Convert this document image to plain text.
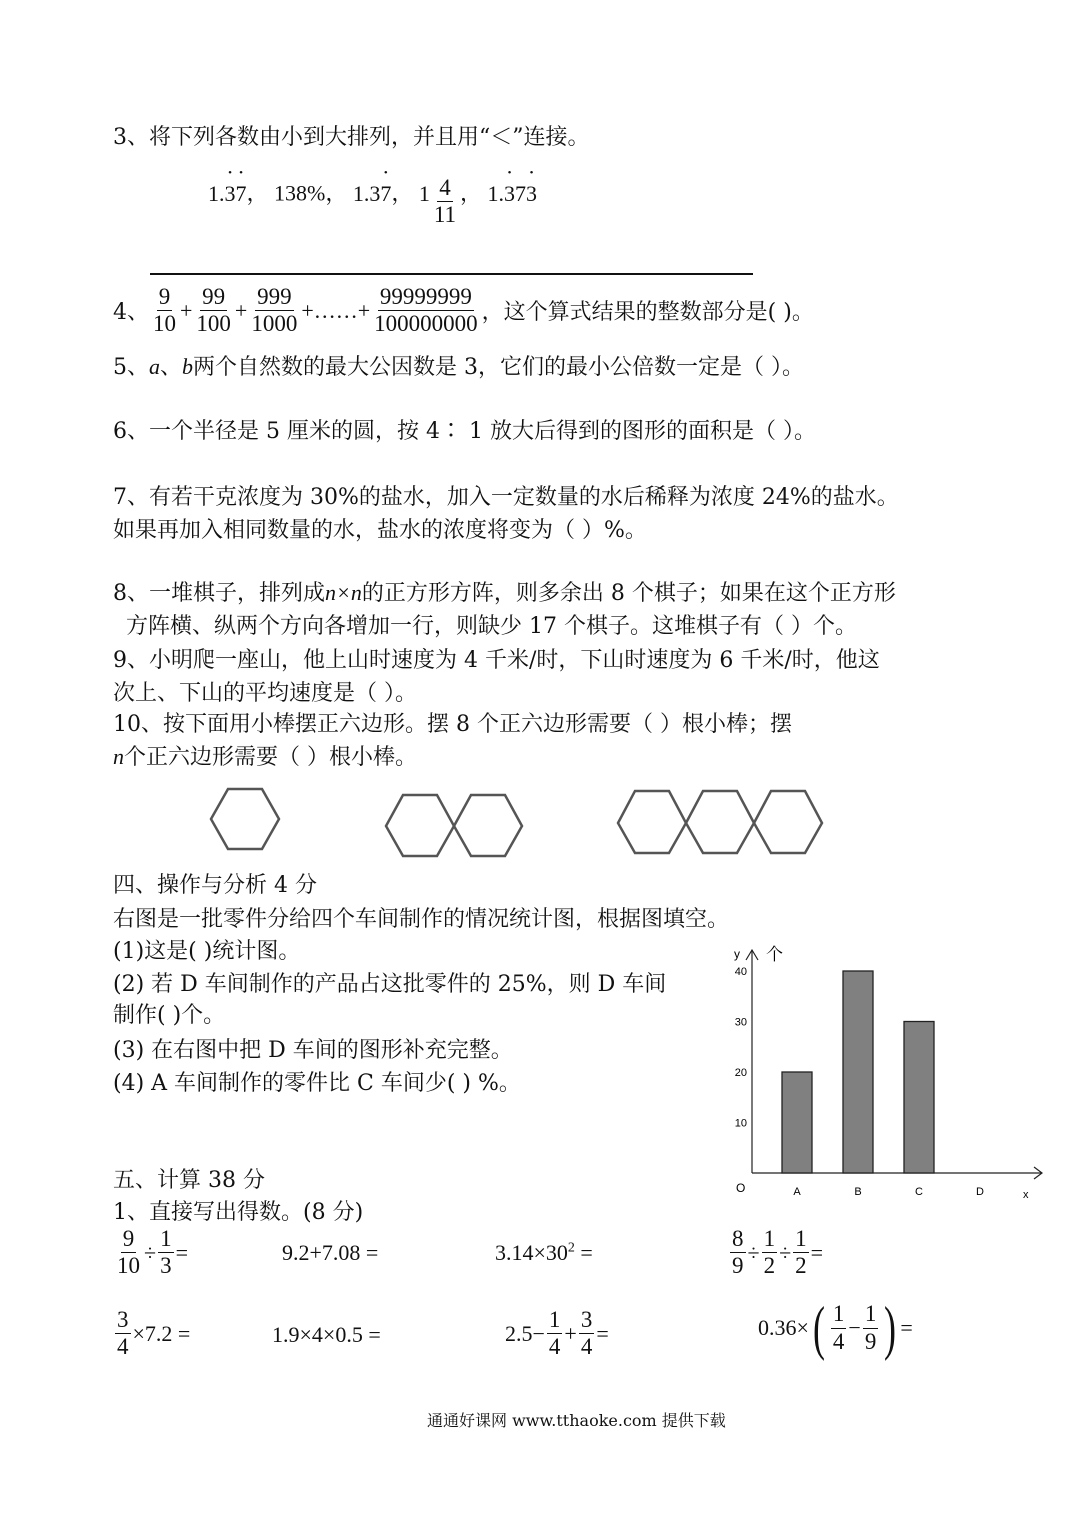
3、将下列各数由小到大排列，并且用“＜”连接。
1.• 3• 7， 138%， 1.3• 7， $1 \frac{4}{11}$ ， 1.• 37• 3
4、 $\frac{9}{10} + \frac{99}{100} + \frac{999}{1000}$ +……+ $\frac{99999999}{100000000}$ ，这个算式结果的整数部分是( )。
5、a、b两个自然数的最大公因数是 3，它们的最小公倍数一定是（ ）。
6、一个半径是 5 厘米的圆，按 4∶ 1 放大后得到的图形的面积是（ ）。
7、有若干克浓度为 30%的盐水，加入一定数量的水后稀释为浓度 24%的盐水。
如果再加入相同数量的水，盐水的浓度将变为（ ）%。
8、一堆棋子，排列成n×n的正方形方阵，则多余出 8 个棋子；如果在这个正方形
方阵横、纵两个方向各增加一行，则缺少 17 个棋子。这堆棋子有（ ）个。
9、小明爬一座山，他上山时速度为 4 千米/时，下山时速度为 6 千米/时，他这
次上、下山的平均速度是（ ）。
10、按下面用小棒摆正六边形。摆 8 个正六边形需要（ ）根小棒；摆
n个正六边形需要（ ）根小棒。
四、操作与分析 4 分
右图是一批零件分给四个车间制作的情况统计图，根据图填空。
(1)这是( )统计图。
(2) 若 D 车间制作的产品占这批零件的 25%，则 D 车间
制作( )个。
(3) 在右图中把 D 车间的图形补充完整。
(4) A 车间制作的零件比 C 车间少( ) %。
y 个
O	x
10
20
30
40
A	B	C	D
五、计算 38 分
1、直接写出得数。(8 分)
$\frac{9}{10} \div \frac{1}{3}$ =	9.2+7.08 =	$3.14\times 30^2$ =	$\frac{8}{9} \div \frac{1}{2} \div \frac{1}{2}$ =
$\frac{3}{4} \times 7.2$ =	1.9×4×0.5 =	$2.5- \frac{1}{4} + \frac{3}{4}$ =	0.36× ( $\frac{1}{4} - \frac{1}{9}$ ) =
通通好课网 www.tthaoke.com 提供下载
